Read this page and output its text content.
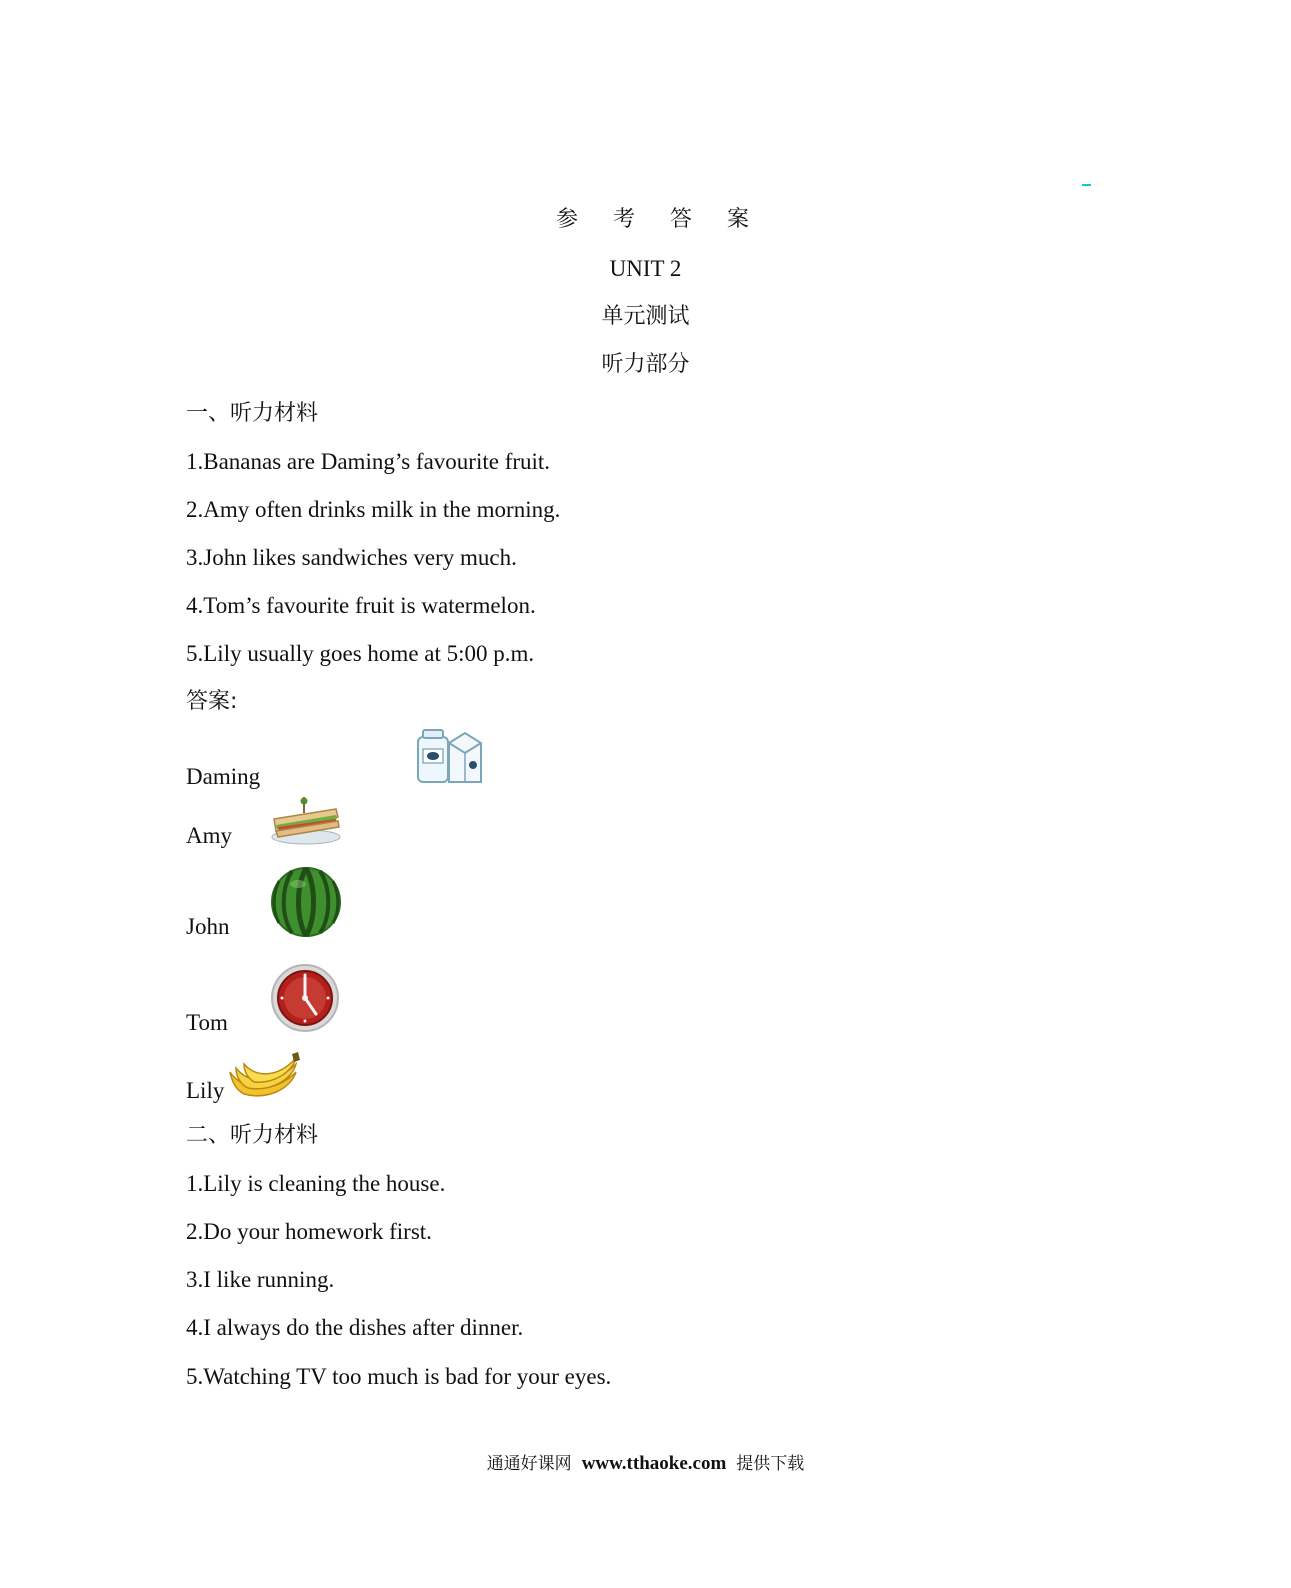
参 考 答 案
UNIT 2
单元测试
听力部分
一、听力材料
1.Bananas are Daming’s favourite fruit.
2.Amy often drinks milk in the morning.
3.John likes sandwiches very much.
4.Tom’s favourite fruit is watermelon.
5.Lily usually goes home at 5:00 p.m.
答案:
Daming
Amy
John
Tom
Lily
二、听力材料
1.Lily is cleaning the house.
2.Do your homework first.
3.I like running.
4.I always do the dishes after dinner.
5.Watching TV too much is bad for your eyes.
通通好课网 www.tthaoke.com 提供下载
